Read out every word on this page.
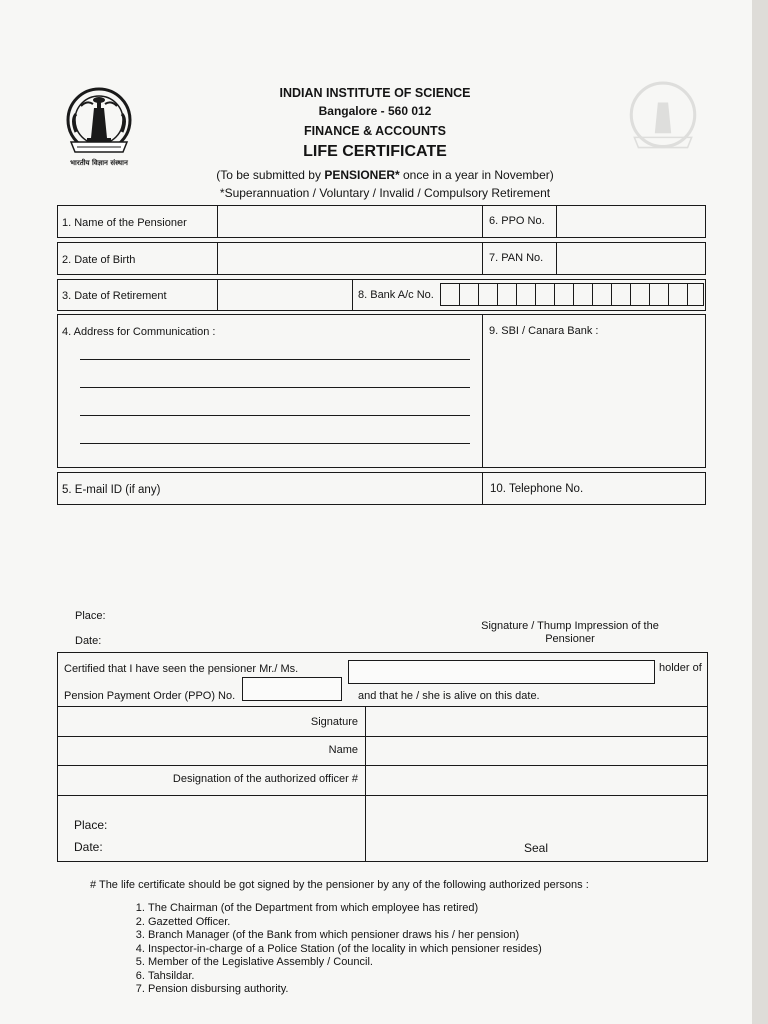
भारतीय विज्ञान संस्थान
INDIAN INSTITUTE OF SCIENCE
Bangalore - 560 012
FINANCE & ACCOUNTS
LIFE CERTIFICATE
(To be submitted by PENSIONER* once in a year in November)
*Superannuation / Voluntary / Invalid / Compulsory Retirement
1. Name of the Pensioner	6. PPO No.
2. Date of Birth	7. PAN No.
3. Date of Retirement	8. Bank A/c No.
4. Address for Communication :	9. SBI / Canara Bank :
5. E-mail ID (if any)	10. Telephone No.
Place:
Date:
Signature / Thump Impression of the
Pensioner
Certified that I have seen the pensioner Mr./ Ms.	holder of
Pension Payment Order (PPO) No.	and that he / she is alive on this date.
Signature
Name
Designation of the authorized officer #
Place:
Date:	Seal
# The life certificate should be got signed by the pensioner by any of the following authorized persons :
1. The Chairman (of the Department from which employee has retired)
2. Gazetted Officer.
3. Branch Manager (of the Bank from which pensioner draws his / her pension)
4. Inspector-in-charge of a Police Station (of the locality in which pensioner resides)
5. Member of the Legislative Assembly / Council.
6. Tahsildar.
7. Pension disbursing authority.
